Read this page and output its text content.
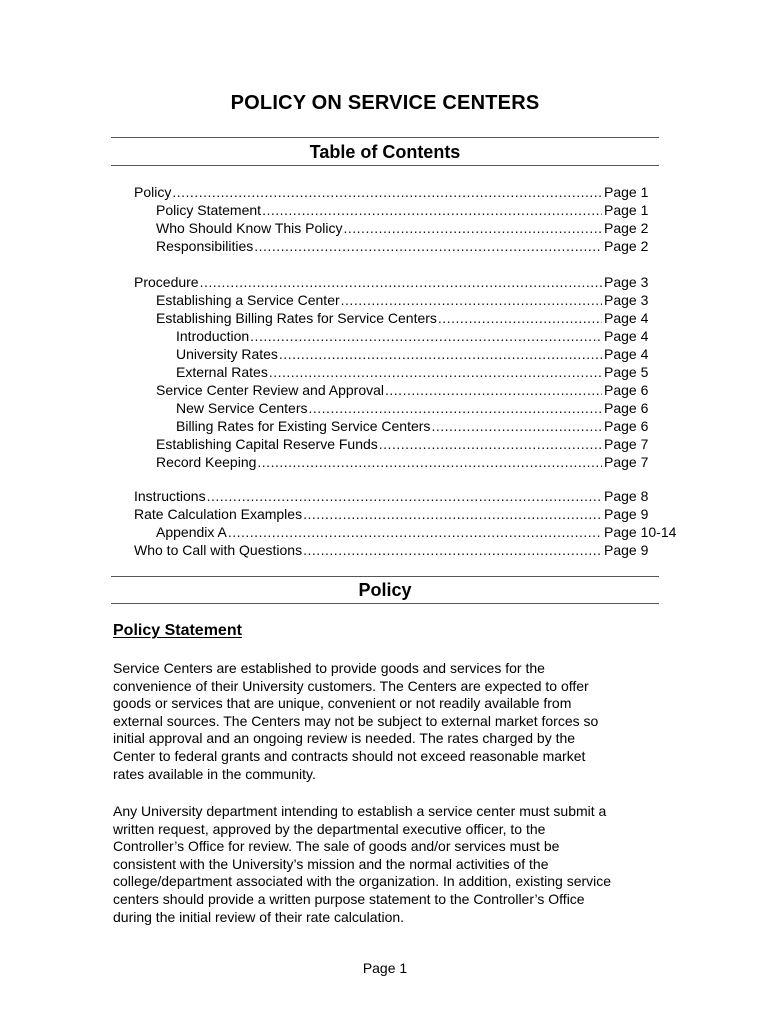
POLICY ON SERVICE CENTERS
Table of Contents
Policy .....	Page 1
Policy Statement .....	Page 1
Who Should Know This Policy .....	Page 2
Responsibilities .....	Page 2
Procedure .....	Page 3
Establishing a Service Center .....	Page 3
Establishing Billing Rates for Service Centers .....	Page 4
Introduction .....	Page 4
University Rates .....	Page 4
External Rates .....	Page 5
Service Center Review and Approval .....	Page 6
New Service Centers .....	Page 6
Billing Rates for Existing Service Centers .....	Page 6
Establishing Capital Reserve Funds .....	Page 7
Record Keeping .....	Page 7
Instructions .....	Page 8
Rate Calculation Examples .....	Page 9
Appendix A .....	Page 10-14
Who to Call with Questions .....	Page 9
Policy
Policy Statement
Service Centers are established to provide goods and services for the
convenience of their University customers. The Centers are expected to offer
goods or services that are unique, convenient or not readily available from
external sources. The Centers may not be subject to external market forces so
initial approval and an ongoing review is needed. The rates charged by the
Center to federal grants and contracts should not exceed reasonable market
rates available in the community.
Any University department intending to establish a service center must submit a
written request, approved by the departmental executive officer, to the
Controller’s Office for review. The sale of goods and/or services must be
consistent with the University’s mission and the normal activities of the
college/department associated with the organization. In addition, existing service
centers should provide a written purpose statement to the Controller’s Office
during the initial review of their rate calculation.
Page 1
